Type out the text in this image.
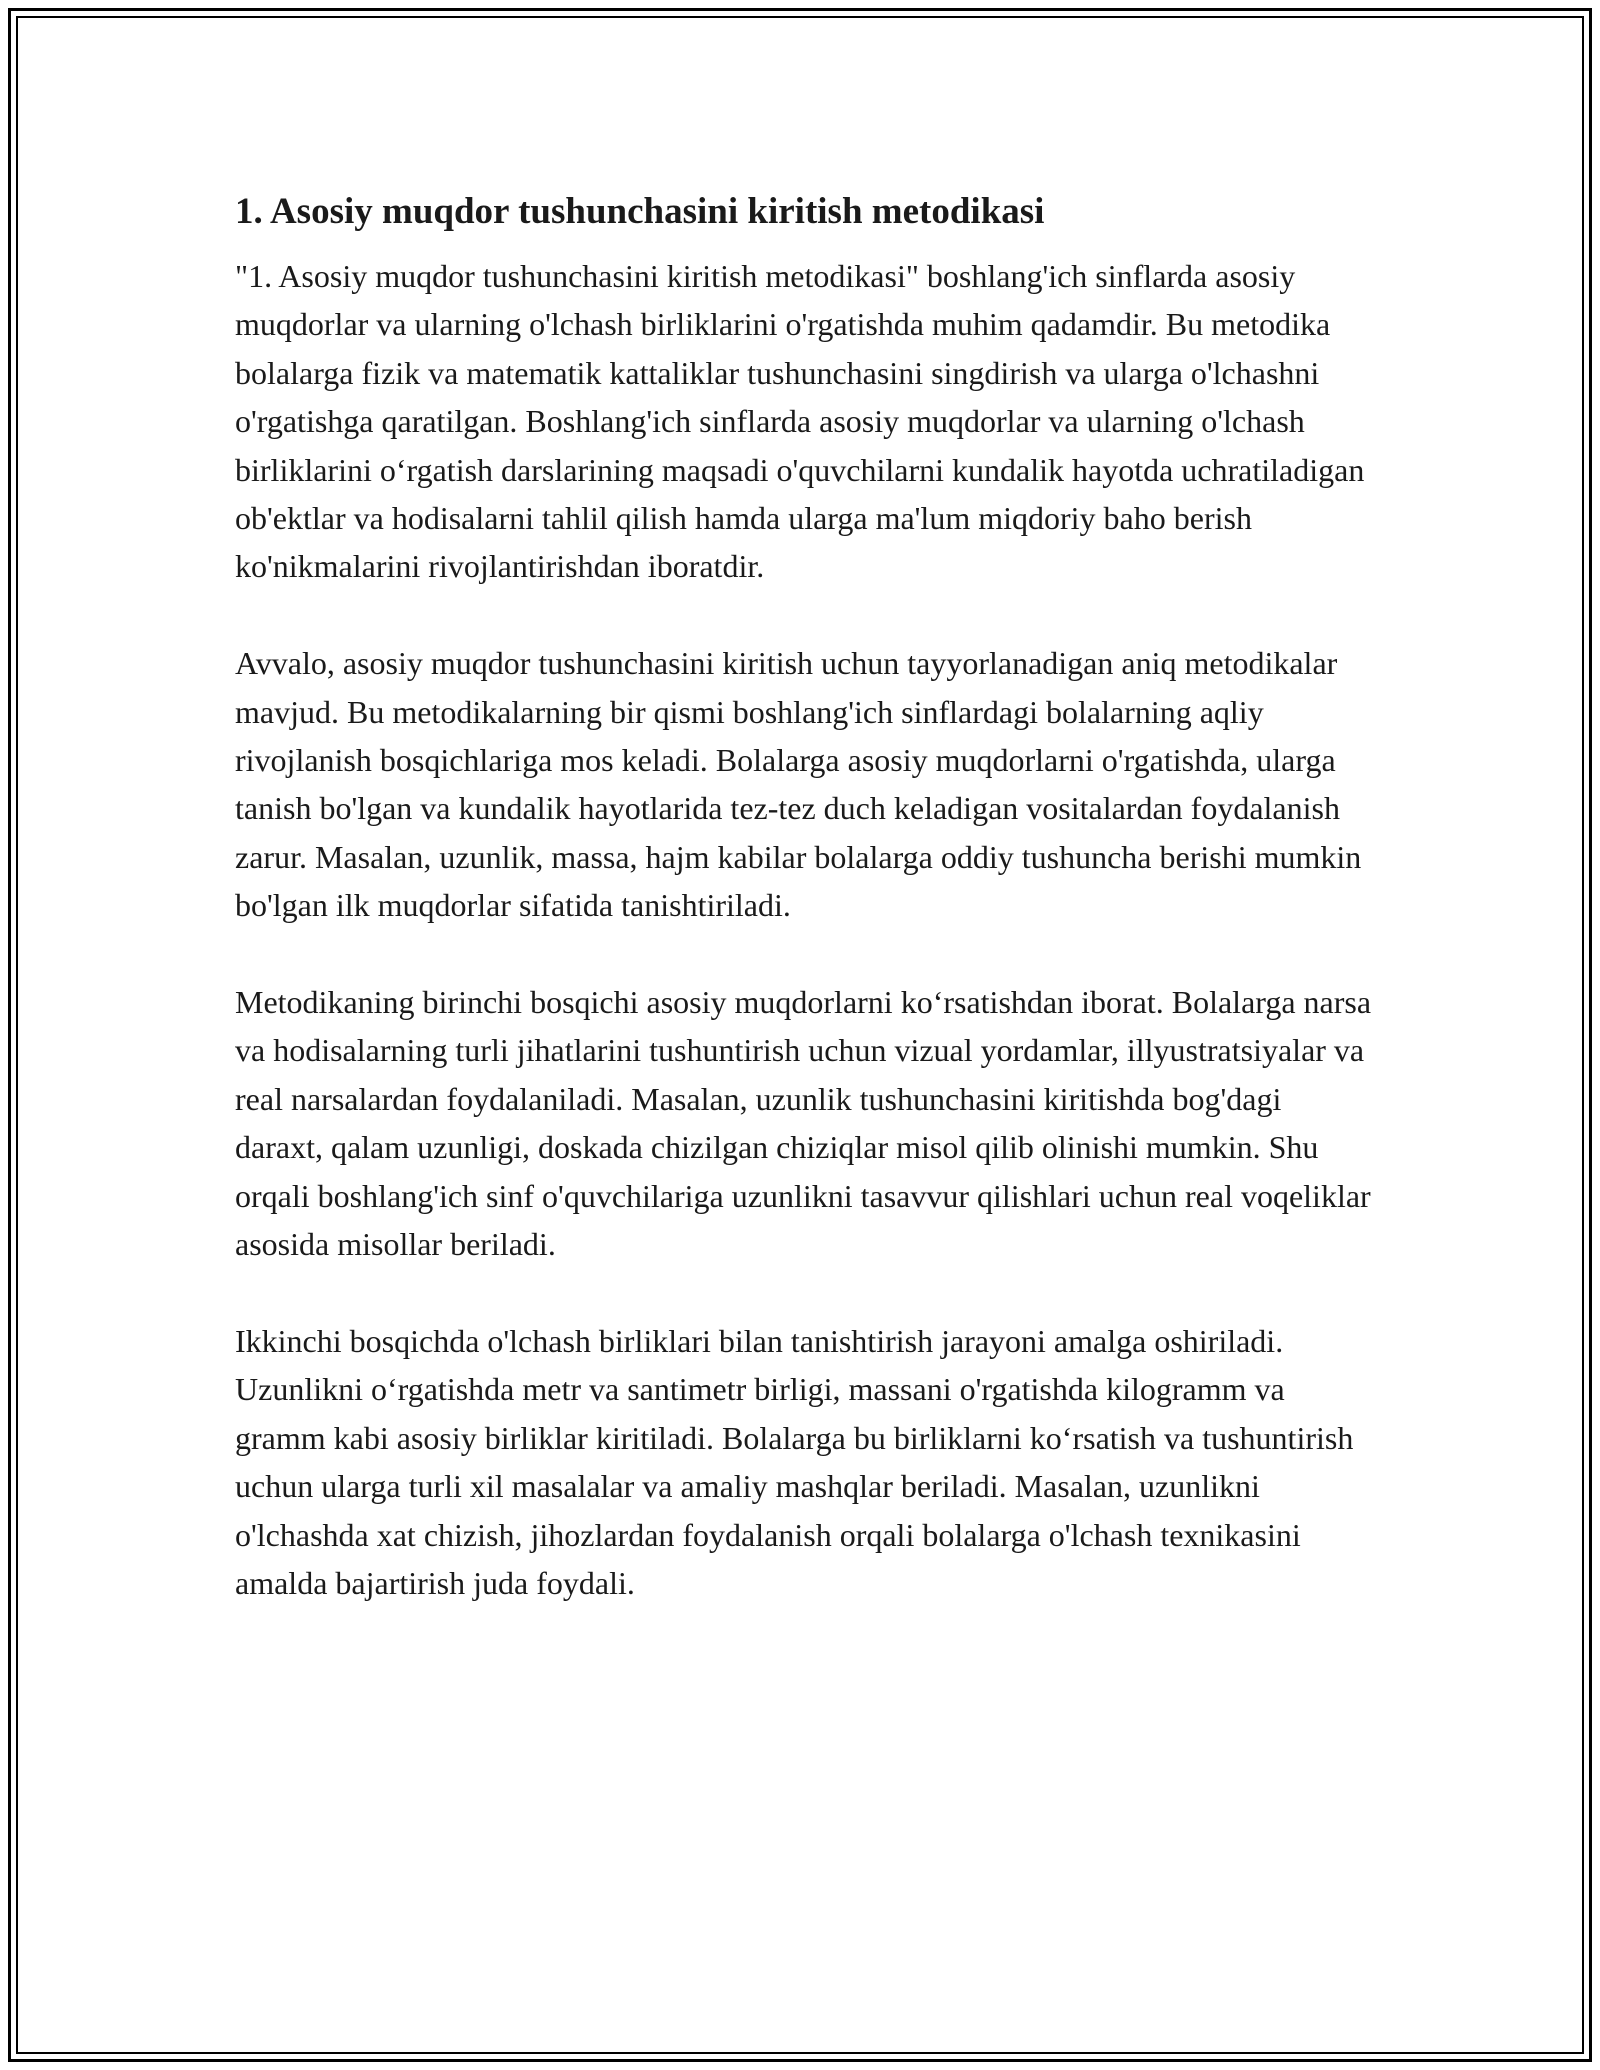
1. Asosiy muqdor tushunchasini kiritish metodikasi

"1. Asosiy muqdor tushunchasini kiritish metodikasi" boshlang'ich sinflarda asosiy muqdorlar va ularning o'lchash birliklarini o'rgatishda muhim qadamdir. Bu metodika bolalarga fizik va matematik kattaliklar tushunchasini singdirish va ularga o'lchashni o'rgatishga qaratilgan. Boshlang'ich sinflarda asosiy muqdorlar va ularning o'lchash birliklarini o‘rgatish darslarining maqsadi o'quvchilarni kundalik hayotda uchratiladigan ob'ektlar va hodisalarni tahlil qilish hamda ularga ma'lum miqdoriy baho berish ko'nikmalarini rivojlantirishdan iboratdir.

Avvalo, asosiy muqdor tushunchasini kiritish uchun tayyorlanadigan aniq metodikalar mavjud. Bu metodikalarning bir qismi boshlang'ich sinflardagi bolalarning aqliy rivojlanish bosqichlariga mos keladi. Bolalarga asosiy muqdorlarni o'rgatishda, ularga tanish bo'lgan va kundalik hayotlarida tez-tez duch keladigan vositalardan foydalanish zarur. Masalan, uzunlik, massa, hajm kabilar bolalarga oddiy tushuncha berishi mumkin bo'lgan ilk muqdorlar sifatida tanishtiriladi.

Metodikaning birinchi bosqichi asosiy muqdorlarni ko‘rsatishdan iborat. Bolalarga narsa va hodisalarning turli jihatlarini tushuntirish uchun vizual yordamlar, illyustratsiyalar va real narsalardan foydalaniladi. Masalan, uzunlik tushunchasini kiritishda bog'dagi daraxt, qalam uzunligi, doskada chizilgan chiziqlar misol qilib olinishi mumkin. Shu orqali boshlang'ich sinf o'quvchilariga uzunlikni tasavvur qilishlari uchun real voqeliklar asosida misollar beriladi.

Ikkinchi bosqichda o'lchash birliklari bilan tanishtirish jarayoni amalga oshiriladi. Uzunlikni o‘rgatishda metr va santimetr birligi, massani o'rgatishda kilogramm va gramm kabi asosiy birliklar kiritiladi. Bolalarga bu birliklarni ko‘rsatish va tushuntirish uchun ularga turli xil masalalar va amaliy mashqlar beriladi. Masalan, uzunlikni o'lchashda xat chizish, jihozlardan foydalanish orqali bolalarga o'lchash texnikasini amalda bajartirish juda foydali.
